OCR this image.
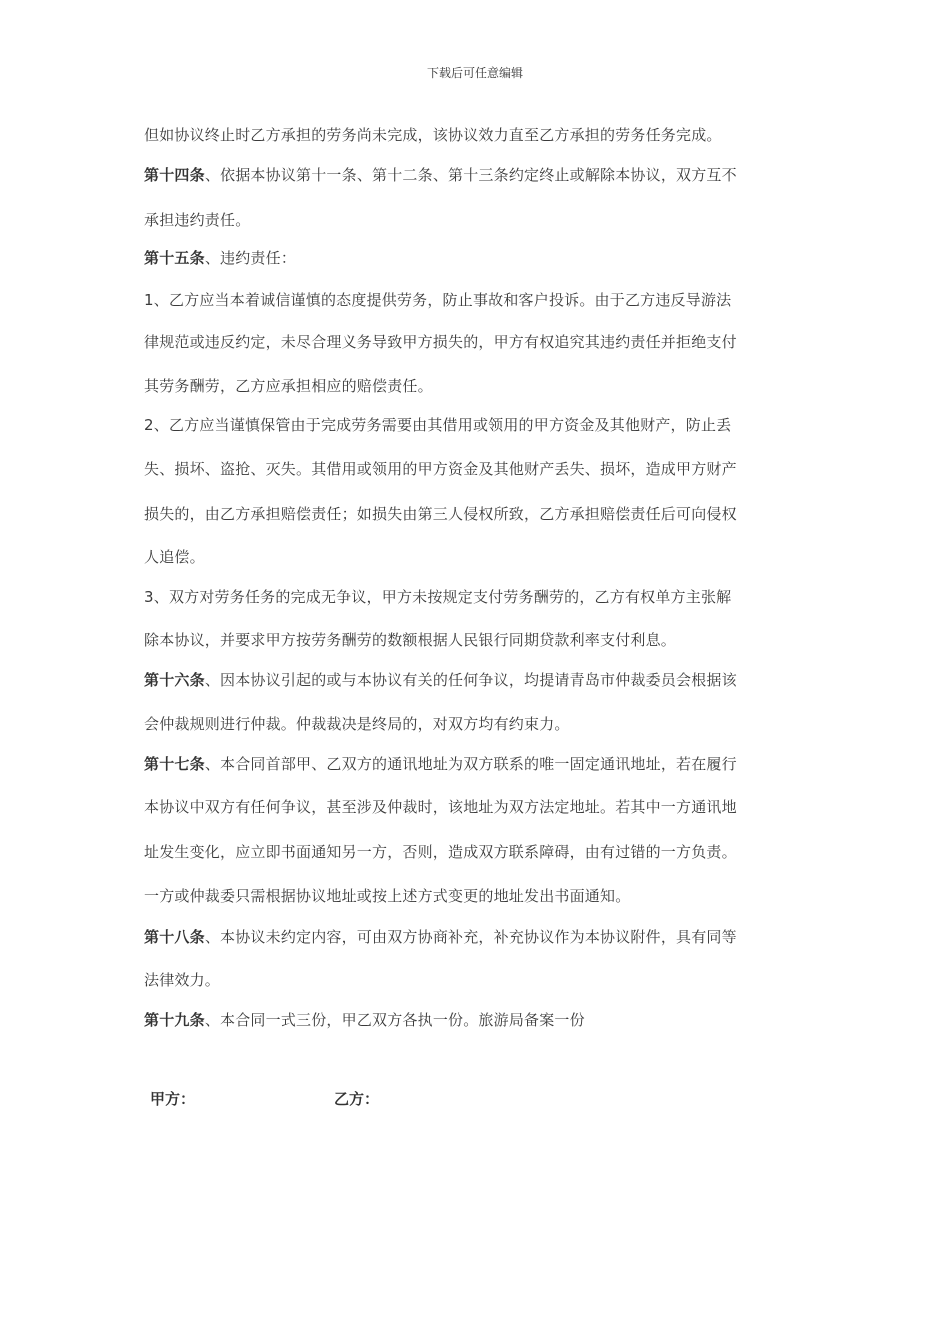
下载后可任意编辑
但如协议终止时乙方承担的劳务尚未完成，该协议效力直至乙方承担的劳务任务完成。
第十四条、依据本协议第十一条、第十二条、第十三条约定终止或解除本协议，双方互不
承担违约责任。
第十五条、违约责任：
1、乙方应当本着诚信谨慎的态度提供劳务，防止事故和客户投诉。由于乙方违反导游法
律规范或违反约定，未尽合理义务导致甲方损失的，甲方有权追究其违约责任并拒绝支付
其劳务酬劳，乙方应承担相应的赔偿责任。
2、乙方应当谨慎保管由于完成劳务需要由其借用或领用的甲方资金及其他财产，防止丢
失、损坏、盗抢、灭失。其借用或领用的甲方资金及其他财产丢失、损坏，造成甲方财产
损失的，由乙方承担赔偿责任；如损失由第三人侵权所致，乙方承担赔偿责任后可向侵权
人追偿。
3、双方对劳务任务的完成无争议，甲方未按规定支付劳务酬劳的，乙方有权单方主张解
除本协议，并要求甲方按劳务酬劳的数额根据人民银行同期贷款利率支付利息。
第十六条、因本协议引起的或与本协议有关的任何争议，均提请青岛市仲裁委员会根据该
会仲裁规则进行仲裁。仲裁裁决是终局的，对双方均有约束力。
第十七条、本合同首部甲、乙双方的通讯地址为双方联系的唯一固定通讯地址，若在履行
本协议中双方有任何争议，甚至涉及仲裁时，该地址为双方法定地址。若其中一方通讯地
址发生变化，应立即书面通知另一方，否则，造成双方联系障碍，由有过错的一方负责。
一方或仲裁委只需根据协议地址或按上述方式变更的地址发出书面通知。
第十八条、本协议未约定内容，可由双方协商补充，补充协议作为本协议附件，具有同等
法律效力。
第十九条、本合同一式三份，甲乙双方各执一份。旅游局备案一份
甲方：	乙方：
